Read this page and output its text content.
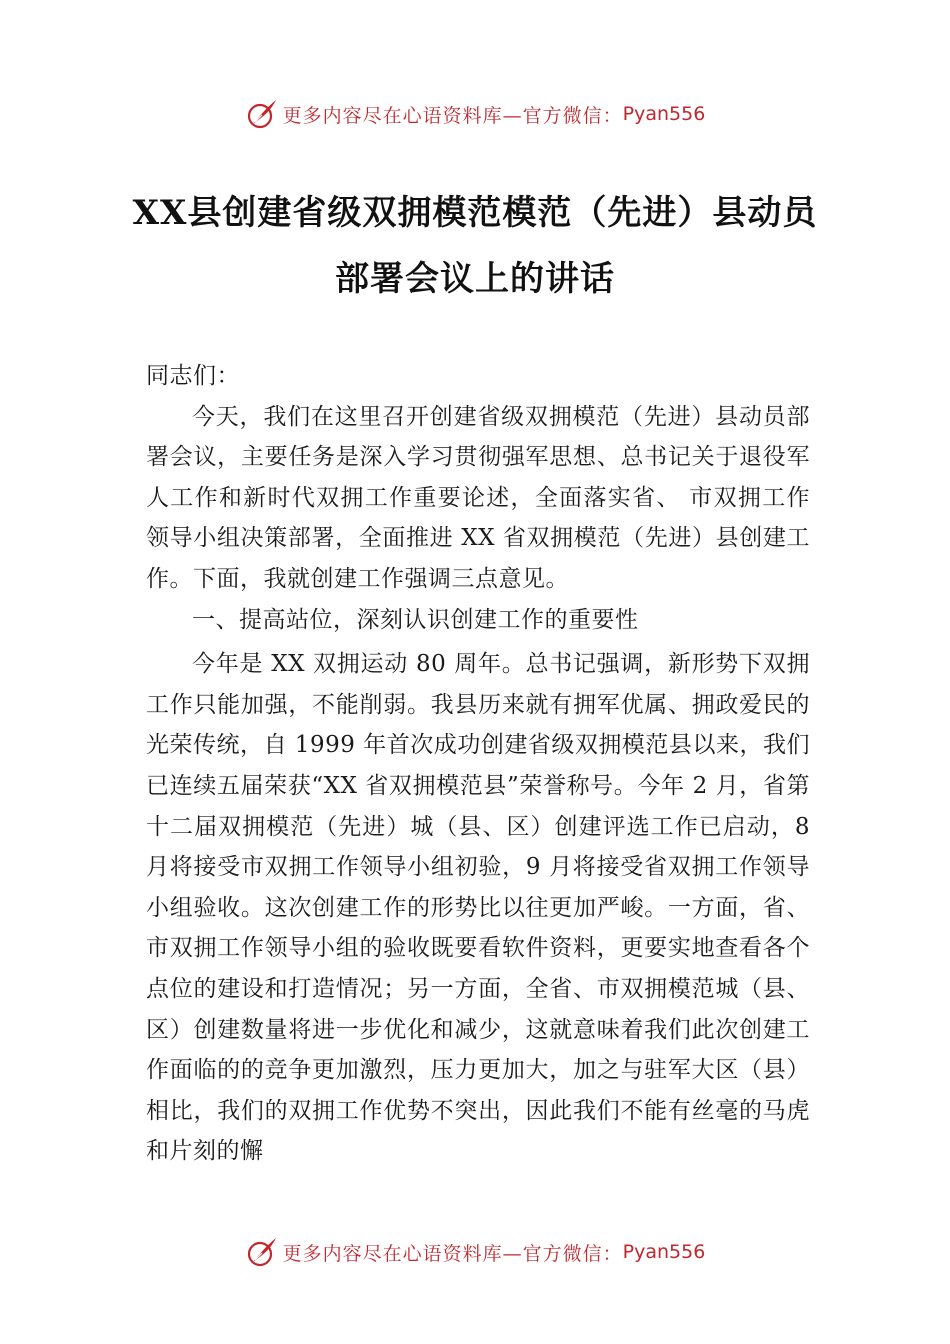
更多内容尽在心语资料库—官方微信： Pyan556
XX县创建省级双拥模范模范（先进）县动员部署会议上的讲话

同志们：

今天，我们在这里召开创建省级双拥模范（先进）县动员部署会议，主要任务是深入学习贯彻强军思想、总书记关于退役军人工作和新时代双拥工作重要论述，全面落实省、 市双拥工作领导小组决策部署，全面推进 XX 省双拥模范（先进）县创建工作。下面，我就创建工作强调三点意见。

一、提高站位，深刻认识创建工作的重要性

今年是 XX 双拥运动 80 周年。总书记强调，新形势下双拥工作只能加强，不能削弱。我县历来就有拥军优属、拥政爱民的光荣传统，自 1999 年首次成功创建省级双拥模范县以来，我们已连续五届荣获“XX 省双拥模范县”荣誉称号。今年 2 月，省第十二届双拥模范（先进）城（县、区）创建评选工作已启动，8 月将接受市双拥工作领导小组初验，9 月将接受省双拥工作领导小组验收。这次创建工作的形势比以往更加严峻。一方面，省、市双拥工作领导小组的验收既要看软件资料，更要实地查看各个点位的建设和打造情况；另一方面，全省、市双拥模范城（县、区）创建数量将进一步优化和减少，这就意味着我们此次创建工作面临的的竞争更加激烈，压力更加大，加之与驻军大区（县）相比，我们的双拥工作优势不突出，因此我们不能有丝毫的马虎和片刻的懈

更多内容尽在心语资料库—官方微信： Pyan556
